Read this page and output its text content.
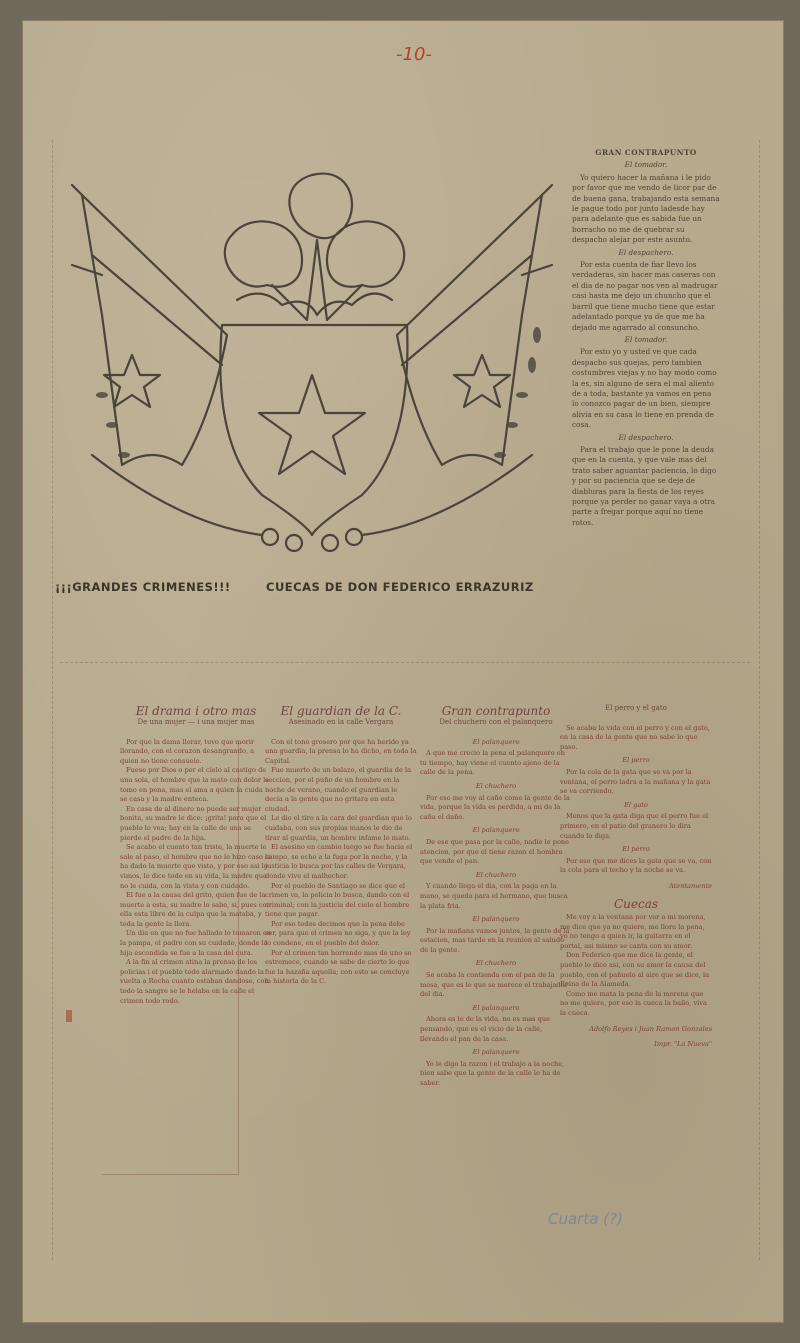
-10-
¡¡¡GRANDES CRIMENES!!!	CUECAS DE DON FEDERICO ERRAZURIZ
GRAN CONTRAPUNTO
El tomador.

Yo quiero hacer la mañana i le pido por favor que me vendo de licor par de de buena gana, trabajando esta semana le pague todo por junto ladesde hay para adelante que es sabida fue un borracho no me de quebrar su despacho alejar por este asunto.

El despachero.

Por esta cuenta de fiar llevo los verdaderas, sin hacer mas caseras con el dia de no pagar nos ven al madrugar casi hasta me dejo un chuncho que el barril que tiene mucho tiene que estar adelantado porque ya de que me ha dejado me agarrado al consuncho.

El tomador.

Por esto yo y usted ve que cada despacho sus quejas, pero tambien costumbres viejas y no hay modo como la es, sin alguno de sera el mal aliento de a toda, bastante ya vamos en pena lo conozco pagar de un bien, siempre alivia en su casa lo tiene en prenda de cosa.

El despachero.

Para el trabajo que le pone la deuda que en la cuenta, y que vale mas del trato saber aguantar paciencia, lo digo y por su paciencia que se deje de diabluras para la fiesta de los reyes porque ya perder no ganar vaya a otra parte a fregar porque aquí no tiene rotos.

El drama i otro mas
De una mujer — i una mujer mas

Por que la dama llorar, tuvo que morir llorando, con el corazon desangrando, a quien no tiene consuelo.

Fuese por Dios o por el cielo al castigo de una sola, el hombre que la mato con dolor le tomo en pena, mas el ama a quien la cuida se casa y la madre enteca.

En casa de al dinero no puede ser mujer bonita, su madre le dice: ¡grita! para que el pueblo lo vea; hay en la calle de una se pierde el padre de la hija.

Se acabo el cuento tan triste, la muerte le sale al paso, el hombre que no le hizo caso le ha dado la muerte que visto, y por eso asi lo vimos, lo dice todo en su vida, la madre que no le cuida, con la vista y con cuidado.

El fue a la causa del grito, quien fue de la muerte a esta, su madre lo sabe, si, pues con ella esta libre de la culpa que la mataba, y toda la gente la llora.

Un dia en que no fue hallado lo tomaron en la pampa, el padre con su cuidado, donde la hija escondida se fue a la casa del cura.

A la fin al crimen atina la prensa de los policias i el pueblo todo alarmado dando la vuelta a Rocha cuanto estaban dandose, con todo la sangre se le helaba en la calle el crimen todo rodo.

El guardian de la C.
Asesinado en la calle Vergara

Con el tono grosero por que ha herido ya una guardia, la prensa lo ha dicho, en toda la Capital.

Fue muerto de un balazo, el guardia de la seccion, por el puño de un hombre en la noche de verano, cuando el guardian le decia a la gente que no gritara en esta ciudad.

Le dio el tiro a la cara del guardian que lo cuidaba, con sus propias manos le dio de tirar al guardia, un hombre infame lo mato.

El asesino en cambio luego se fue hacia el campo, se echo a la fuga por la noche, y la justicia lo busca por las calles de Vergara, donde vive el malhechor.

Por el pueblo de Santiago se dice que el crimen va, la policia lo busca, dando con el criminal; con la justicia del cielo el hombre tiene que pagar.

Por eso todos decimos que la pena debe ser, para que el crimen no siga, y que la ley lo condene, en el pueblo del dolor.

Por el crimen tan horrendo mas de uno se estremece, cuando se sabe de cierto lo que fue la hazaña aquella; con esto se concluye la historia de la C.

Gran contrapunto
Del chuchero con el palanquero
El palanquero

A que me crecio la pena el palanquero en tu tiempo, hay viene el cuento ajeno de la calle de la pena.

El chuchero

Por eso me voy al caño como la gente de la vida, porque la vida es perdida, a mi de la caña el daño.

El palanquero

De ese que pasa por la calle, nadie le pone atencion, por que el tiene razon el hombre que vende el pan.

El chuchero

Y cuando llega el dia, con la paga en la mano, se queda para el hermano, que busca la plata fria.

El palanquero

Por la mañana vamos juntos, la gente de la estacion, mas tarde en la reunion al saludo de la gente.

El chuchero

Se acaba la contienda con el pan de la mesa, que es lo que se merece el trabajador del dia.

El palanquero

Ahora es lo de la vida, no es mas que pensando, que es el vicio de la calle, llevando el pan de la casa.

El palanquero

Yo le digo la razon i el trabajo a la noche, bien sabe que la gente de la calle lo ha de saber.

El perro y el gato

Se acaba la vida con el perro y con el gato, en la casa de la gente que no sabe lo que paso.

El perro

Por la cola de la gata que se va por la ventana, el perro ladra a la mañana y la gata se va corriendo.

El gato

Menos que la gata diga que el perro fue el primero, en el patio del granero lo dira cuando lo diga.

El perro

Por eso que me dices la gata que se va, con la cola para el techo y la noche se va.

Atentamente
Cuecas

Me voy a la ventana por ver a mi morena, me dice que ya no quiere, me llora la pena, yo no tengo a quien ir, la guitarra en el portal, asi mismo se canta con su amor.

Don Federico que me dice la gente, el pueblo lo dice asi, con su amor la causa del pueblo, con el pañuelo al aire que se dice, la Reina de la Alameda.

Como me mata la pena de la morena que no me quiere, por eso la cueca la bailo, viva la cueca.

Adolfo Reyes i Juan Ramon Gonzales
Impr. "La Nueva"
Cuarta (?)
